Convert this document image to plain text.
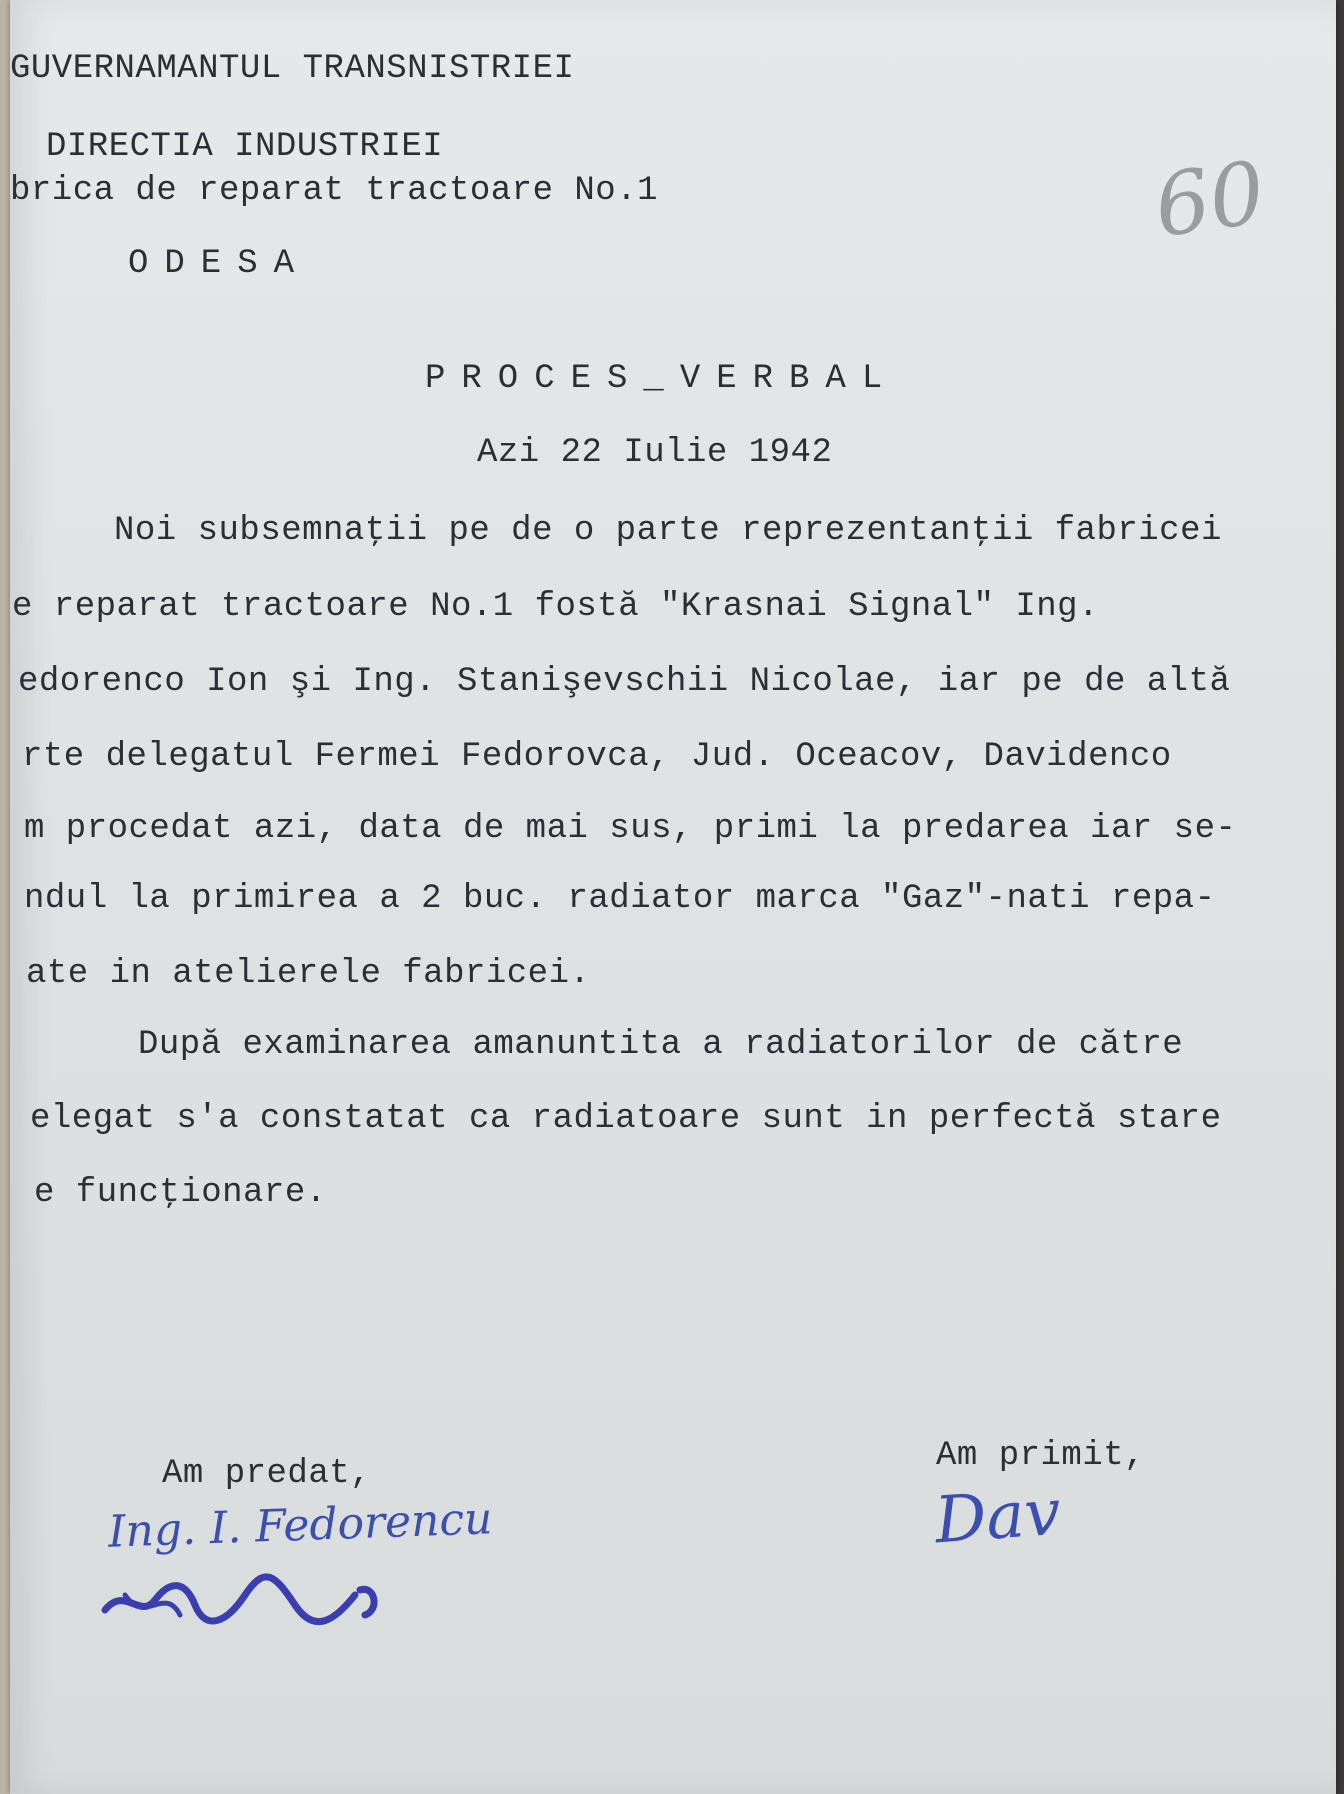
GUVERNAMANTUL TRANSNISTRIEI
DIRECTIA INDUSTRIEI
brica de reparat tractoare No.1
ODESA
60
PROCES_VERBAL
Azi 22 Iulie 1942
Noi subsemnaţii pe de o parte reprezentanţii fabricei
e reparat tractoare No.1 fostă "Krasnai Signal" Ing.
edorenco Ion şi Ing. Stanişevschii Nicolae, iar pe de altă
rte delegatul Fermei Fedorovca, Jud. Oceacov, Davidenco
m procedat azi, data de mai sus, primi la predarea iar se-
ndul la primirea a 2 buc. radiator marca "Gaz"-nati repa-
ate in atelierele fabricei.
După examinarea amanuntita a radiatorilor de către
elegat s'a constatat ca radiatoare sunt in perfectă stare
e funcţionare.
Am predat,
Ing. I. Fedorencu
Am primit,
Dav
